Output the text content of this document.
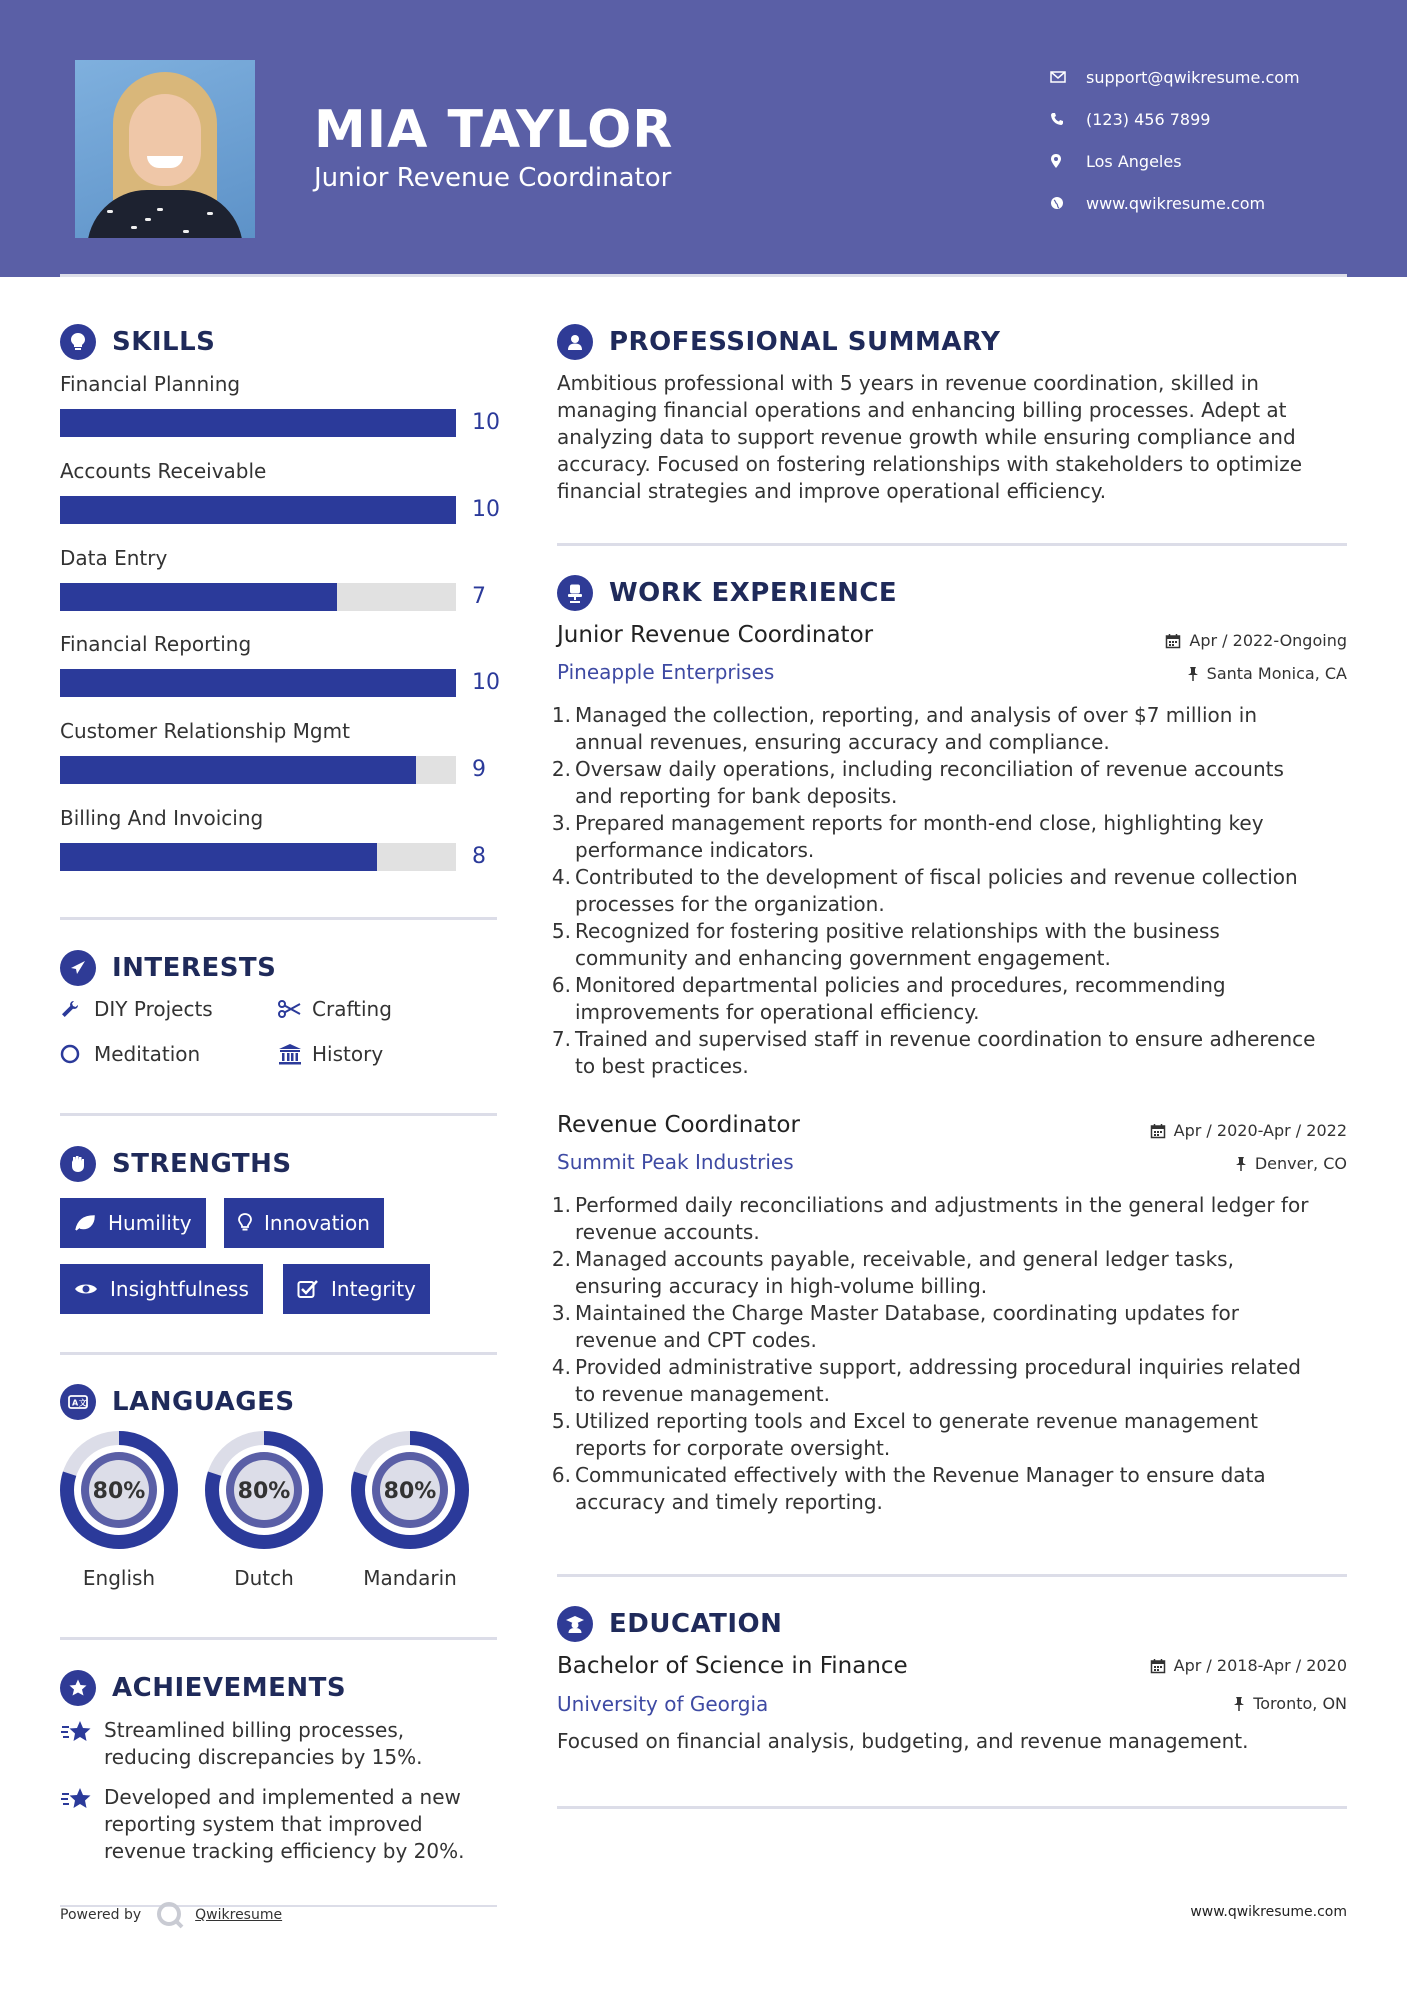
MIA TAYLOR
Junior Revenue Coordinator
support@qwikresume.com
(123) 456 7899
Los Angeles
www.qwikresume.com
SKILLS
Financial Planning
10
Accounts Receivable
10
Data Entry
7
Financial Reporting
10
Customer Relationship Mgmt
9
Billing And Invoicing
8
INTERESTS
DIY Projects	Crafting
Meditation	History
STRENGTHS
Humility	Innovation
Insightfulness	Integrity
A文 LANGUAGES
80%	80%	80%
English	Dutch	Mandarin
ACHIEVEMENTS
Streamlined billing processes,
reducing discrepancies by 15%.
Developed and implemented a new
reporting system that improved
revenue tracking efficiency by 20%.
PROFESSIONAL SUMMARY
Ambitious professional with 5 years in revenue coordination, skilled in
managing financial operations and enhancing billing processes. Adept at
analyzing data to support revenue growth while ensuring compliance and
accuracy. Focused on fostering relationships with stakeholders to optimize
financial strategies and improve operational efficiency.
WORK EXPERIENCE
Junior Revenue Coordinator	Apr / 2022-Ongoing
Pineapple Enterprises	Santa Monica, CA
1. Managed the collection, reporting, and analysis of over $7 million in
annual revenues, ensuring accuracy and compliance.
2. Oversaw daily operations, including reconciliation of revenue accounts
and reporting for bank deposits.
3. Prepared management reports for month-end close, highlighting key
performance indicators.
4. Contributed to the development of fiscal policies and revenue collection
processes for the organization.
5. Recognized for fostering positive relationships with the business
community and enhancing government engagement.
6. Monitored departmental policies and procedures, recommending
improvements for operational efficiency.
7. Trained and supervised staff in revenue coordination to ensure adherence
to best practices.
Revenue Coordinator	Apr / 2020-Apr / 2022
Summit Peak Industries	Denver, CO
1. Performed daily reconciliations and adjustments in the general ledger for
revenue accounts.
2. Managed accounts payable, receivable, and general ledger tasks,
ensuring accuracy in high-volume billing.
3. Maintained the Charge Master Database, coordinating updates for
revenue and CPT codes.
4. Provided administrative support, addressing procedural inquiries related
to revenue management.
5. Utilized reporting tools and Excel to generate revenue management
reports for corporate oversight.
6. Communicated effectively with the Revenue Manager to ensure data
accuracy and timely reporting.
EDUCATION
Bachelor of Science in Finance	Apr / 2018-Apr / 2020
University of Georgia	Toronto, ON
Focused on financial analysis, budgeting, and revenue management.
Powered by	Qwikresume	www.qwikresume.com
